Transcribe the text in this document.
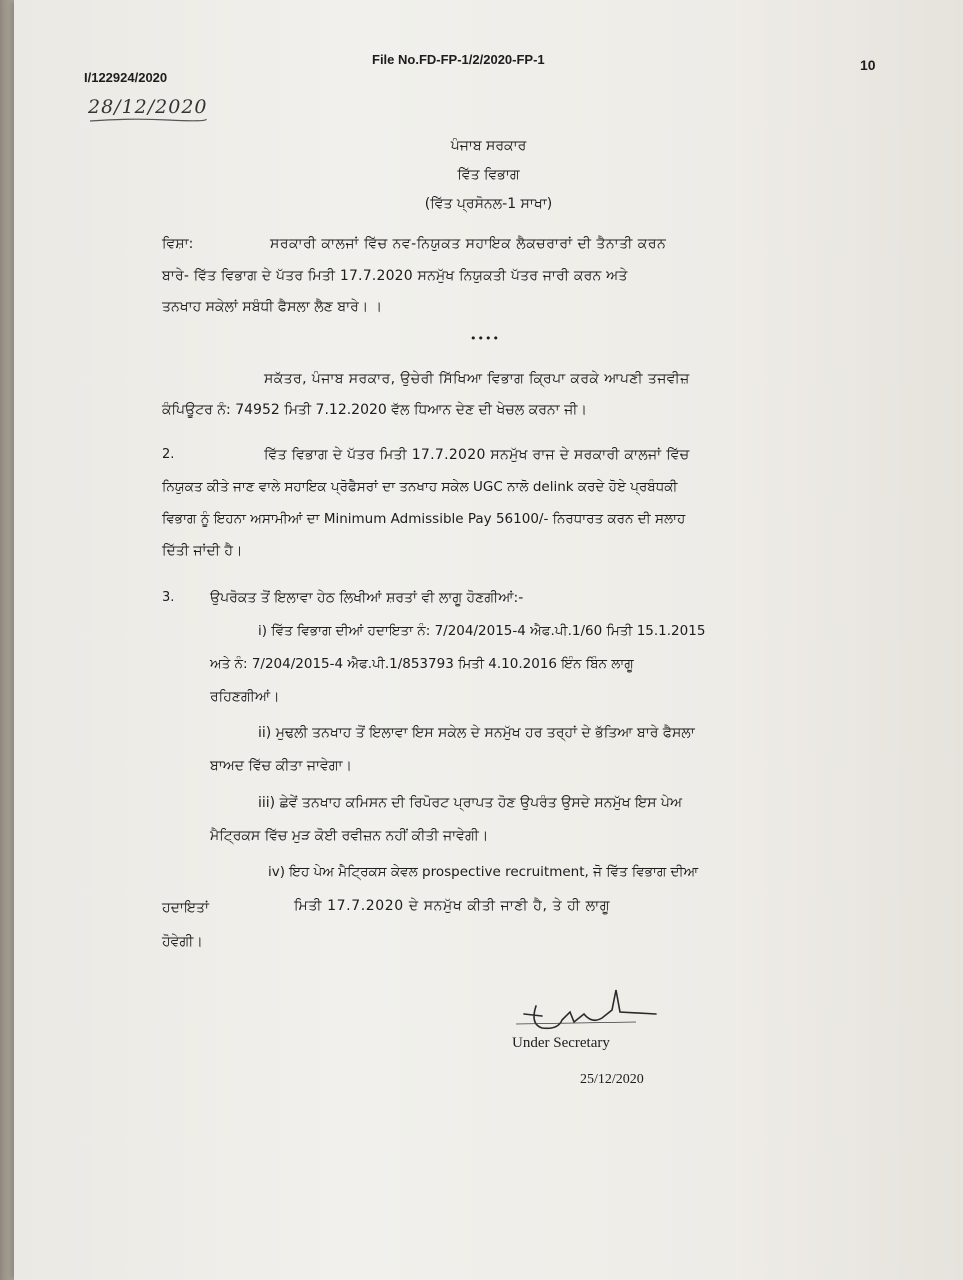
File No.FD-FP-1/2/2020-FP-1	10
I/122924/2020
28/12/2020
ਪੰਜਾਬ ਸਰਕਾਰ
ਵਿੱਤ ਵਿਭਾਗ
(ਵਿੱਤ ਪ੍ਰਸੋਨਲ-1 ਸਾਖਾ)
ਵਿਸ਼ਾ:	ਸਰਕਾਰੀ ਕਾਲਜਾਂ ਵਿੱਚ ਨਵ-ਨਿਯੁਕਤ ਸਹਾਇਕ ਲੈਕਚਰਾਰਾਂ ਦੀ ਤੈਨਾਤੀ ਕਰਨ
ਬਾਰੇ- ਵਿੱਤ ਵਿਭਾਗ ਦੇ ਪੱਤਰ ਮਿਤੀ 17.7.2020 ਸਨਮੁੱਖ ਨਿਯੁਕਤੀ ਪੱਤਰ ਜਾਰੀ ਕਰਨ ਅਤੇ
ਤਨਖਾਹ ਸਕੇਲਾਂ ਸਬੰਧੀ ਫੈਸਲਾ ਲੈਣ ਬਾਰੇ। ।
••••
ਸਕੱਤਰ, ਪੰਜਾਬ ਸਰਕਾਰ, ਉਚੇਰੀ ਸਿੱਖਿਆ ਵਿਭਾਗ ਕ੍ਰਿਪਾ ਕਰਕੇ ਆਪਣੀ ਤਜਵੀਜ਼
ਕੰਪਿਊਟਰ ਨੰ: 74952 ਮਿਤੀ 7.12.2020 ਵੱਲ ਧਿਆਨ ਦੇਣ ਦੀ ਖੇਚਲ ਕਰਨਾ ਜੀ।
2.	ਵਿੱਤ ਵਿਭਾਗ ਦੇ ਪੱਤਰ ਮਿਤੀ 17.7.2020 ਸਨਮੁੱਖ ਰਾਜ ਦੇ ਸਰਕਾਰੀ ਕਾਲਜਾਂ ਵਿੱਚ
ਨਿਯੁਕਤ ਕੀਤੇ ਜਾਣ ਵਾਲੇ ਸਹਾਇਕ ਪ੍ਰੋਫੈਸਰਾਂ ਦਾ ਤਨਖਾਹ ਸਕੇਲ UGC ਨਾਲੋ delink ਕਰਦੇ ਹੋਏ ਪ੍ਰਬੰਧਕੀ
ਵਿਭਾਗ ਨੂੰ ਇਹਨਾ ਅਸਾਮੀਆਂ ਦਾ Minimum Admissible Pay 56100/- ਨਿਰਧਾਰਤ ਕਰਨ ਦੀ ਸਲਾਹ
ਦਿੱਤੀ ਜਾਂਦੀ ਹੈ।
3.	ਉਪਰੋਕਤ ਤੋਂ ਇਲਾਵਾ ਹੇਠ ਲਿਖੀਆਂ ਸ਼ਰਤਾਂ ਵੀ ਲਾਗੂ ਹੋਣਗੀਆਂ:-
i) ਵਿੱਤ ਵਿਭਾਗ ਦੀਆਂ ਹਦਾਇਤਾ ਨੰ: 7/204/2015-4 ਐਫ.ਪੀ.1/60 ਮਿਤੀ 15.1.2015
ਅਤੇ ਨੰ: 7/204/2015-4 ਐਫ.ਪੀ.1/853793 ਮਿਤੀ 4.10.2016 ਇੰਨ ਬਿੰਨ ਲਾਗੂ
ਰਹਿਣਗੀਆਂ।
ii) ਮੁਢਲੀ ਤਨਖਾਹ ਤੋਂ ਇਲਾਵਾ ਇਸ ਸਕੇਲ ਦੇ ਸਨਮੁੱਖ ਹਰ ਤਰ੍ਹਾਂ ਦੇ ਭੱਤਿਆ ਬਾਰੇ ਫੈਸਲਾ
ਬਾਅਦ ਵਿੱਚ ਕੀਤਾ ਜਾਵੇਗਾ।
iii) ਛੇਵੇਂ ਤਨਖਾਹ ਕਮਿਸਨ ਦੀ ਰਿਪੋਰਟ ਪ੍ਰਾਪਤ ਹੋਣ ਉਪਰੰਤ ਉਸਦੇ ਸਨਮੁੱਖ ਇਸ ਪੇਅ
ਮੈਟ੍ਰਿਕਸ ਵਿੱਚ ਮੁੜ ਕੋਈ ਰਵੀਜ਼ਨ ਨਹੀਂ ਕੀਤੀ ਜਾਵੇਗੀ।
iv) ਇਹ ਪੇਅ ਮੈਟ੍ਰਿਕਸ ਕੇਵਲ prospective recruitment, ਜੋ ਵਿੱਤ ਵਿਭਾਗ ਦੀਆ
ਹਦਾਇਤਾਂ	ਮਿਤੀ 17.7.2020 ਦੇ ਸਨਮੁੱਖ ਕੀਤੀ ਜਾਣੀ ਹੈ, ਤੇ ਹੀ ਲਾਗੂ
ਹੋਵੇਗੀ।
Under Secretary
25/12/2020
